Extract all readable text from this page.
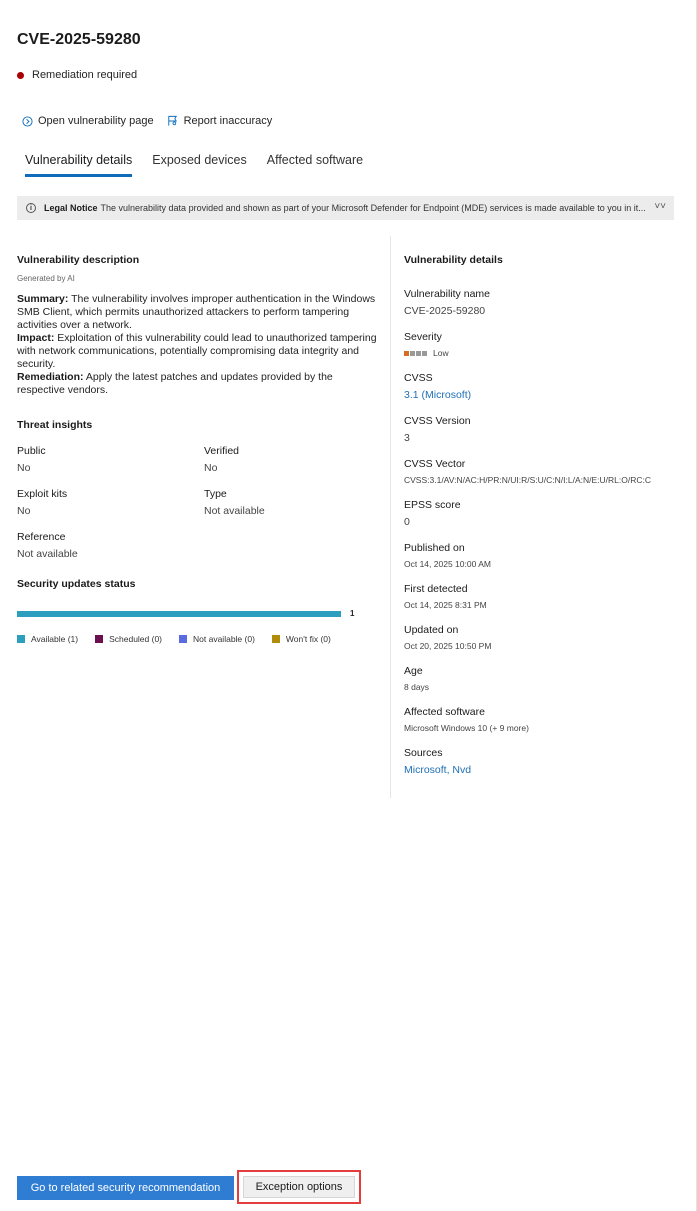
CVE-2025-59280
Remediation required
Open vulnerability page	Report inaccuracy
Vulnerability details Exposed devices Affected software
i	Legal Notice The vulnerability data provided and shown as part of your Microsoft Defender for Endpoint (MDE) services is made available to you in it... ˅˅
Vulnerability description
Generated by AI
Summary: The vulnerability involves improper authentication in the Windows SMB Client, which permits unauthorized attackers to perform tampering activities over a network.
Impact: Exploitation of this vulnerability could lead to unauthorized tampering with network communications, potentially compromising data integrity and security.
Remediation: Apply the latest patches and updates provided by the respective vendors.
Threat insights
Public
No
Verified
No
Exploit kits
No
Type
Not available
Reference
Not available
Security updates status
1
Available (1)	Scheduled (0)	Not available (0)	Won't fix (0)
Vulnerability details
Vulnerability name
CVE-2025-59280
Severity
Low
CVSS
3.1 (Microsoft)
CVSS Version
3
CVSS Vector
CVSS:3.1/AV:N/AC:H/PR:N/UI:R/S:U/C:N/I:L/A:N/E:U/RL:O/RC:C
EPSS score
0
Published on
Oct 14, 2025 10:00 AM
First detected
Oct 14, 2025 8:31 PM
Updated on
Oct 20, 2025 10:50 PM
Age
8 days
Affected software
Microsoft Windows 10 (+ 9 more)
Sources
Microsoft, Nvd
Go to related security recommendation	Exception options
